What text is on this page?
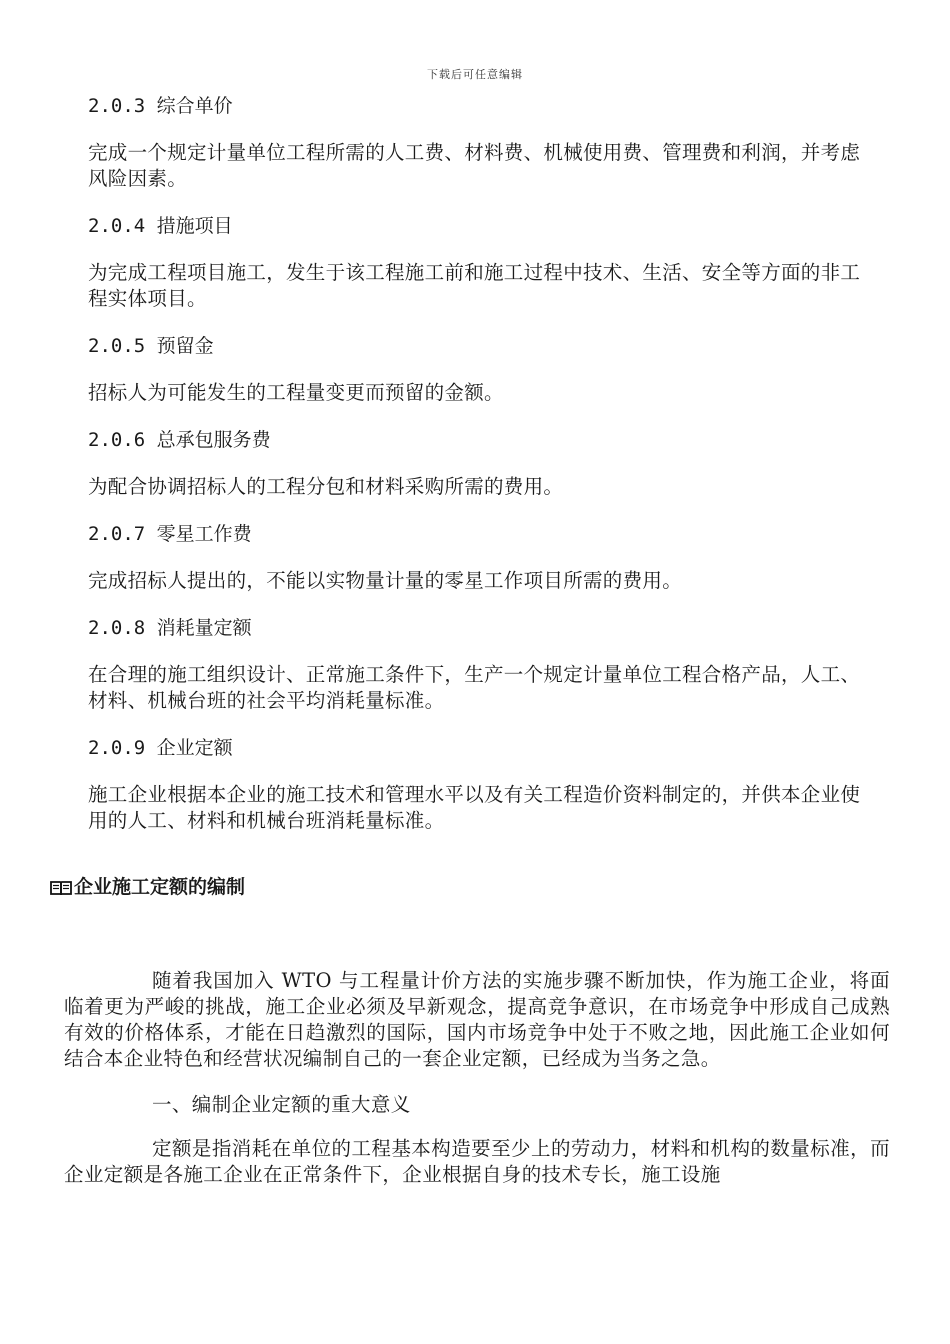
下载后可任意编辑
2.0.3 综合单价
完成一个规定计量单位工程所需的人工费、材料费、机械使用费、管理费和利润，并考虑风险因素。
2.0.4 措施项目
为完成工程项目施工，发生于该工程施工前和施工过程中技术、生活、安全等方面的非工程实体项目。
2.0.5 预留金
招标人为可能发生的工程量变更而预留的金额。
2.0.6 总承包服务费
为配合协调招标人的工程分包和材料采购所需的费用。
2.0.7 零星工作费
完成招标人提出的，不能以实物量计量的零星工作项目所需的费用。
2.0.8 消耗量定额
在合理的施工组织设计、正常施工条件下，生产一个规定计量单位工程合格产品，人工、材料、机械台班的社会平均消耗量标准。
2.0.9 企业定额
施工企业根据本企业的施工技术和管理水平以及有关工程造价资料制定的，并供本企业使用的人工、材料和机械台班消耗量标准。
企业施工定额的编制

随着我国加入 WTO 与工程量计价方法的实施步骤不断加快，作为施工企业，将面临着更为严峻的挑战，施工企业必须及早新观念，提高竞争意识，在市场竞争中形成自己成熟有效的价格体系，才能在日趋激烈的国际，国内市场竞争中处于不败之地，因此施工企业如何结合本企业特色和经营状况编制自己的一套企业定额，已经成为当务之急。

一、编制企业定额的重大意义

定额是指消耗在单位的工程基本构造要至少上的劳动力，材料和机构的数量标准，而企业定额是各施工企业在正常条件下，企业根据自身的技术专长，施工设施
